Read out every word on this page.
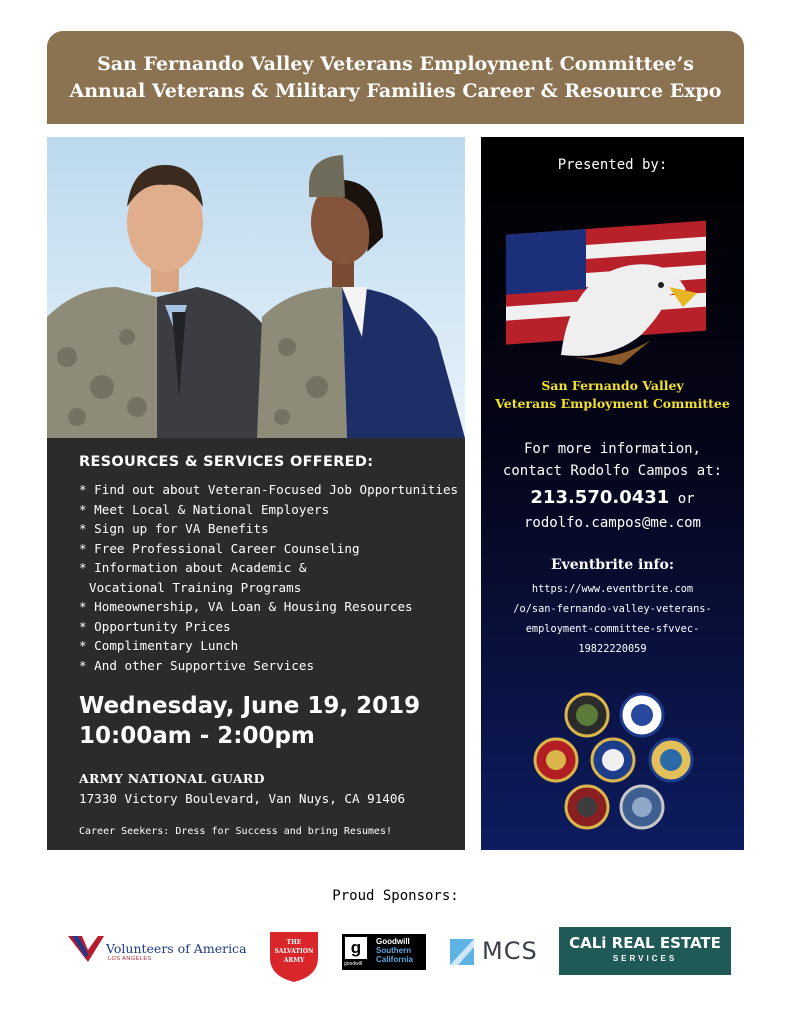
San Fernando Valley Veterans Employment Committee’s
Annual Veterans & Military Families Career & Resource Expo
RESOURCES & SERVICES OFFERED:
* Find out about Veteran-Focused Job Opportunities
* Meet Local & National Employers
* Sign up for VA Benefits
* Free Professional Career Counseling
* Information about Academic & Vocational Training Programs
* Homeownership, VA Loan & Housing Resources
* Opportunity Prices
* Complimentary Lunch
* And other Supportive Services
Wednesday, June 19, 2019
10:00am - 2:00pm
ARMY NATIONAL GUARD
17330 Victory Boulevard, Van Nuys, CA 91406
Career Seekers: Dress for Success and bring Resumes!
Presented by:
San Fernando Valley
Veterans Employment Committee
For more information,
contact Rodolfo Campos at:
213.570.0431 or
rodolfo.campos@me.com
Eventbrite info:
https://www.eventbrite.com
/o/san-fernando-valley-veterans-
employment-committee-sfvvec-
19822220059
Proud Sponsors:
Volunteers of America
LOS ANGELES
THE
SALVATION
ARMY
g
goodwill
Goodwill
Southern
California	MCS	CALi REAL ESTATE
SERVICES
